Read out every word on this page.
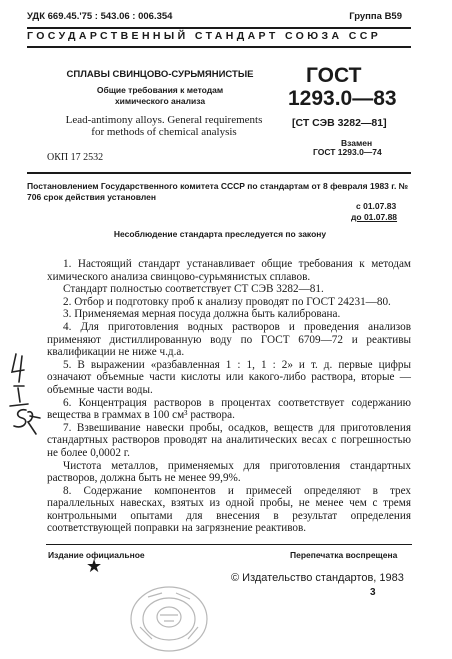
УДК 669.45.'75 : 543.06 : 006.354	Группа В59
ГОСУДАРСТВЕННЫЙ СТАНДАРТ СОЮЗА ССР
СПЛАВЫ СВИНЦОВО-СУРЬМЯНИСТЫЕ
Общие требования к методам
химического анализа
Lead-antimony alloys. General requirements
for methods of chemical analysis
ОКП 17 2532
ГОСТ
1293.0—83
[СТ СЭВ 3282—81]
Взамен
ГОСТ 1293.0—74
Постановлением Государственного комитета СССР по стандартам от 8 февраля 1983 г. № 706 срок действия установлен
с 01.07.83
до 01.07.88
Несоблюдение стандарта преследуется по закону

1. Настоящий стандарт устанавливает общие требования к методам химического анализа свинцово-сурьмянистых сплавов.

Стандарт полностью соответствует СТ СЭВ 3282—81.

2. Отбор и подготовку проб к анализу проводят по ГОСТ 24231—80.

3. Применяемая мерная посуда должна быть калиброванa.

4. Для приготовления водных растворов и проведения анализов применяют дистиллированную воду по ГОСТ 6709—72 и реактивы квалификации не ниже ч.д.а.

5. В выражении «разбавленная 1 : 1, 1 : 2» и т. д. первые цифры означают объемные части кислоты или какого-либо раствора, вторые — объемные части воды.

6. Концентрация растворов в процентах соответствует содержанию вещества в граммах в 100 см³ раствора.

7. Взвешивание навески пробы, осадков, веществ для приготовления стандартных растворов проводят на аналитических весах с погрешностью не более 0,0002 г.

Чистота металлов, применяемых для приготовления стандартных растворов, должна быть не менее 99,9%.

8. Содержание компонентов и примесей определяют в трех параллельных навесках, взятых из одной пробы, не менее чем с тремя контрольными опытами для внесения в результат определения соответствующей поправки на загрязнение реактивов.

Издание официальное	Перепечатка воспрещена
★
© Издательство стандартов, 1983
3
